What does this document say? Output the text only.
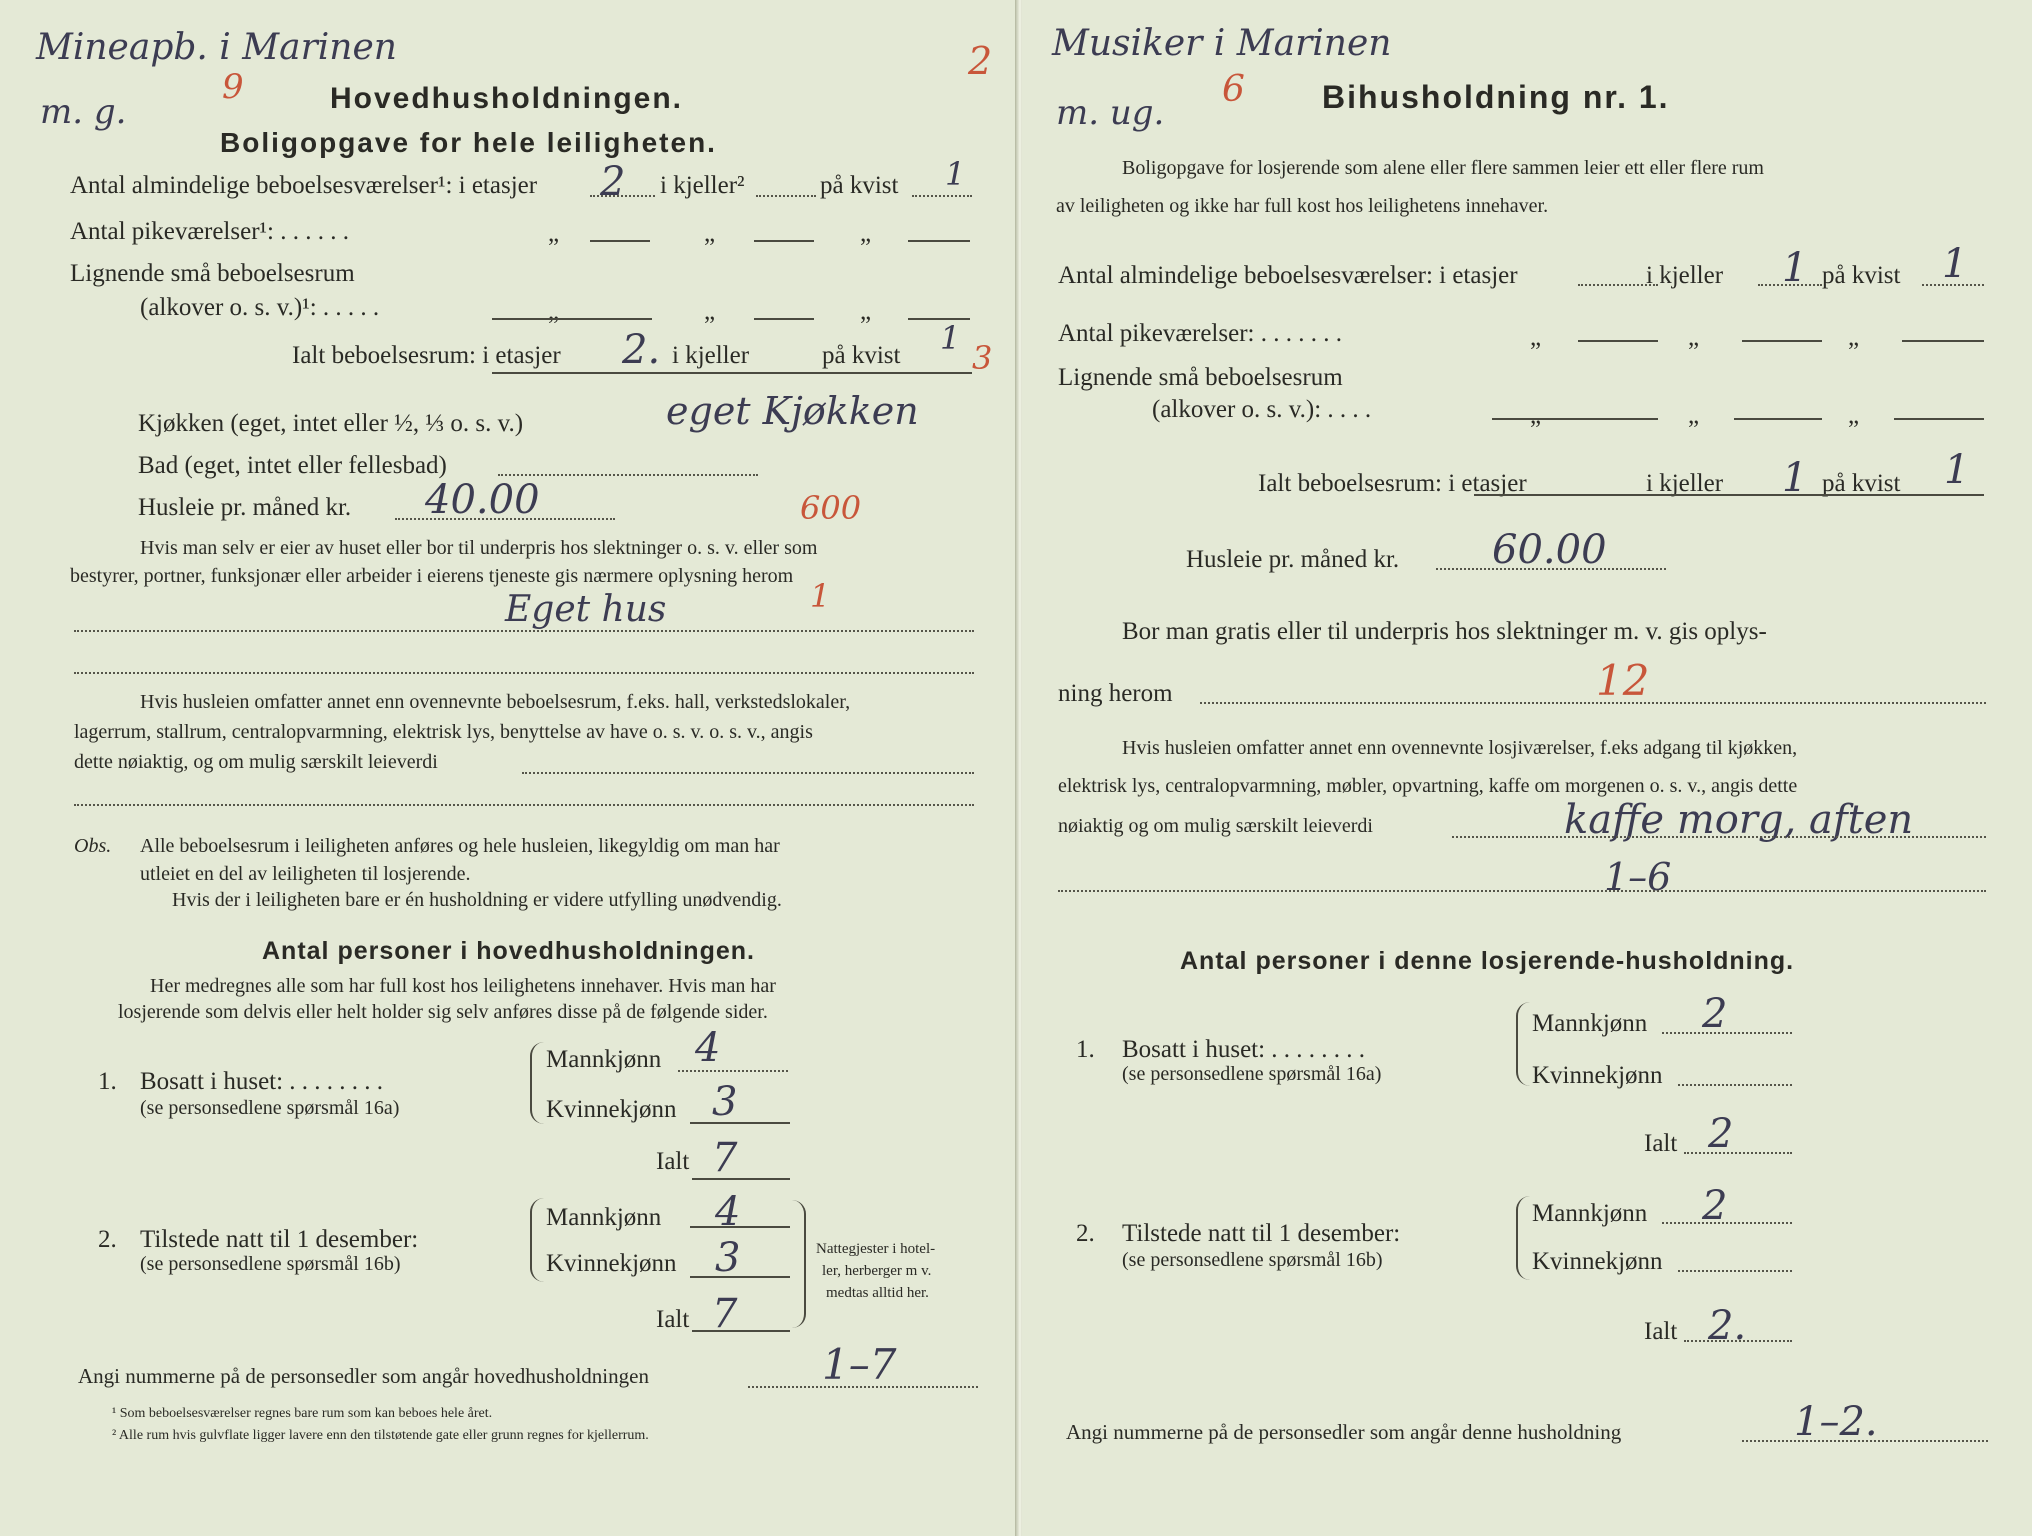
Mineарb. i Marinen
m. g.
9
2
Hovedhusholdningen.
Boligopgave for hele leiligheten.
Antal almindelige beboelsesværelser¹: i etasjer 2 i kjeller²	på kvist 1
Antal pikeværelser¹: . . . . . .	„	„	„
Lignende små beboelsesrum
(alkover o. s. v.)¹: . . . . .	„	„	„
Ialt beboelsesrum: i etasjer 2. i kjeller	på kvist 1
3
Kjøkken (eget, intet eller ½, ⅓ o. s. v.)	eget Kjøkken
Bad (eget, intet eller fellesbad)
Husleie pr. måned kr. 40.00	600
Hvis man selv er eier av huset eller bor til underpris hos slektninger o. s. v. eller som
bestyrer, portner, funksjonær eller arbeider i eierens tjeneste gis nærmere oplysning herom
Eget hus	1
Hvis husleien omfatter annet enn ovennevnte beboelsesrum, f.eks. hall, verkstedslokaler,
lagerrum, stallrum, centralopvarmning, elektrisk lys, benyttelse av have o. s. v. o. s. v., angis
dette nøiaktig, og om mulig særskilt leieverdi
Obs. Alle beboelsesrum i leiligheten anføres og hele husleien, likegyldig om man har
utleiet en del av leiligheten til losjerende.
Hvis der i leiligheten bare er én husholdning er videre utfylling unødvendig.
Antal personer i hovedhusholdningen.
Her medregnes alle som har full kost hos leilighetens innehaver. Hvis man har
losjerende som delvis eller helt holder sig selv anføres disse på de følgende sider.
1. Bosatt i huset: . . . . . . . .
(se personsedlene spørsmål 16a)
Mannkjønn 4
Kvinnekjønn 3
Ialt 7
2. Tilstede natt til 1 desember:
(se personsedlene spørsmål 16b)
Mannkjønn 4
Kvinnekjønn 3
Ialt 7
Nattegjester i hotel-
ler, herberger m v.
medtas alltid her.
Angi nummerne på de personsedler som angår hovedhusholdningen	1–7
¹ Som beboelsesværelser regnes bare rum som kan beboes hele året.
² Alle rum hvis gulvflate ligger lavere enn den tilstøtende gate eller grunn regnes for kjellerrum.
Musiker i Marinen
m. ug.
6 Bihusholdning nr. 1.
Boligopgave for losjerende som alene eller flere sammen leier ett eller flere rum
av leiligheten og ikke har full kost hos leilighetens innehaver.
Antal almindelige beboelsesværelser: i etasjer	i kjeller 1 på kvist 1
Antal pikeværelser: . . . . . . .	„	„	„
Lignende små beboelsesrum
(alkover o. s. v.): . . . .	„	„	„
Ialt beboelsesrum: i etasjer	i kjeller 1 på kvist 1
Husleie pr. måned kr. 60.00
Bor man gratis eller til underpris hos slektninger m. v. gis oplys-
ning herom	12
Hvis husleien omfatter annet enn ovennevnte losjiværelser, f.eks adgang til kjøkken,
elektrisk lys, centralopvarmning, møbler, opvartning, kaffe om morgenen o. s. v., angis dette
nøiaktig og om mulig særskilt leieverdi	kaffe morg, aften
1–6
Antal personer i denne losjerende-husholdning.
1. Bosatt i huset: . . . . . . . .
(se personsedlene spørsmål 16a)
Mannkjønn 2
Kvinnekjønn
Ialt 2
2. Tilstede natt til 1 desember:
(se personsedlene spørsmål 16b)
Mannkjønn 2
Kvinnekjønn
Ialt 2.
Angi nummerne på de personsedler som angår denne husholdning	1–2.
